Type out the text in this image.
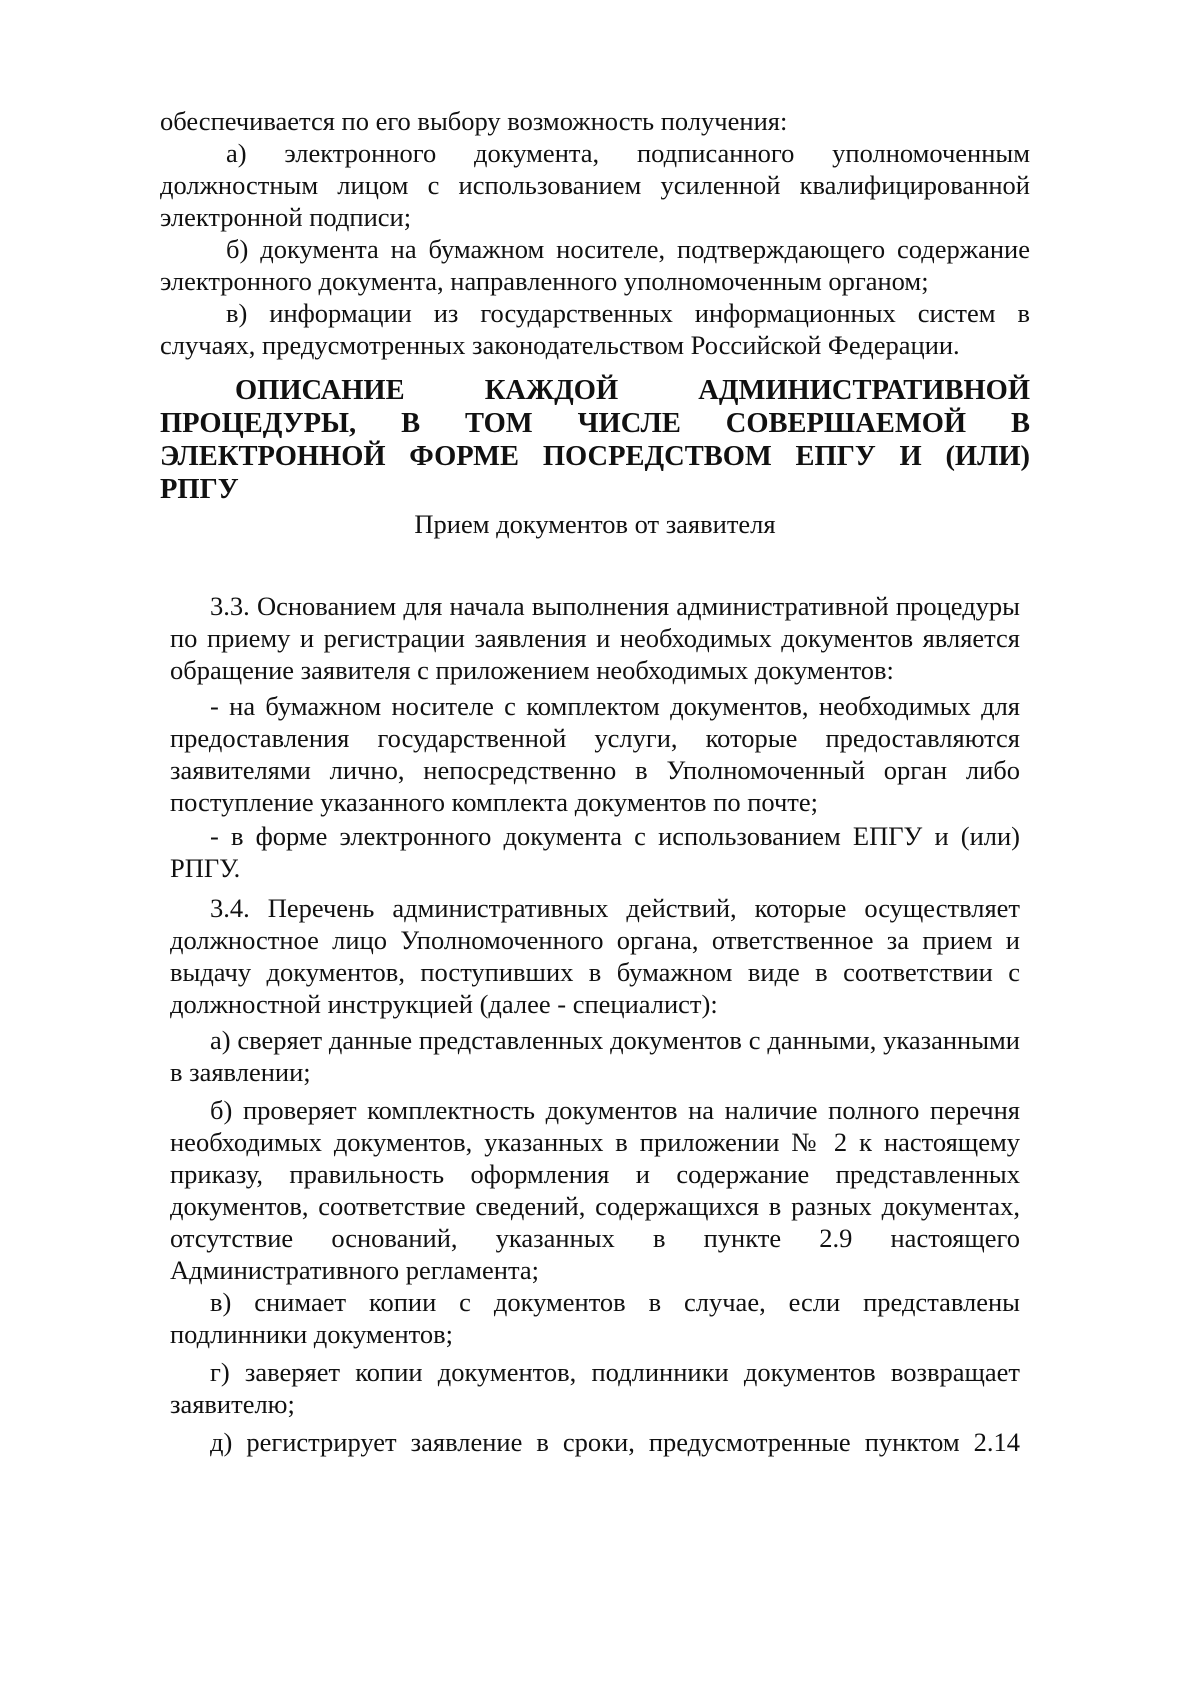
обеспечивается по его выбору возможность получения:

а) электронного документа, подписанного уполномоченным должностным лицом с использованием усиленной квалифицированной электронной подписи;

б) документа на бумажном носителе, подтверждающего содержание электронного документа, направленного уполномоченным органом;

в) информации из государственных информационных систем в случаях, предусмотренных законодательством Российской Федерации.

ОПИСАНИЕ КАЖДОЙ АДМИНИСТРАТИВНОЙ ПРОЦЕДУРЫ, В ТОМ ЧИСЛЕ СОВЕРШАЕМОЙ В ЭЛЕКТРОННОЙ ФОРМЕ ПОСРЕДСТВОМ ЕПГУ И (ИЛИ) РПГУ

Прием документов от заявителя

3.3. Основанием для начала выполнения административной процедуры по приему и регистрации заявления и необходимых документов является обращение заявителя с приложением необходимых документов:

- на бумажном носителе с комплектом документов, необходимых для предоставления государственной услуги, которые предоставляются заявителями лично, непосредственно в Уполномоченный орган либо поступление указанного комплекта документов по почте;

- в форме электронного документа с использованием ЕПГУ и (или) РПГУ.

3.4. Перечень административных действий, которые осуществляет должностное лицо Уполномоченного органа, ответственное за прием и выдачу документов, поступивших в бумажном виде в соответствии с должностной инструкцией (далее - специалист):

а) сверяет данные представленных документов с данными, указанными в заявлении;

б) проверяет комплектность документов на наличие полного перечня необходимых документов, указанных в приложении № 2 к настоящему приказу, правильность оформления и содержание представленных документов, соответствие сведений, содержащихся в разных документах, отсутствие оснований, указанных в пункте 2.9 настоящего Административного регламента;

в) снимает копии с документов в случае, если представлены подлинники документов;

г) заверяет копии документов, подлинники документов возвращает заявителю;

д) регистрирует заявление в сроки, предусмотренные пунктом 2.14
